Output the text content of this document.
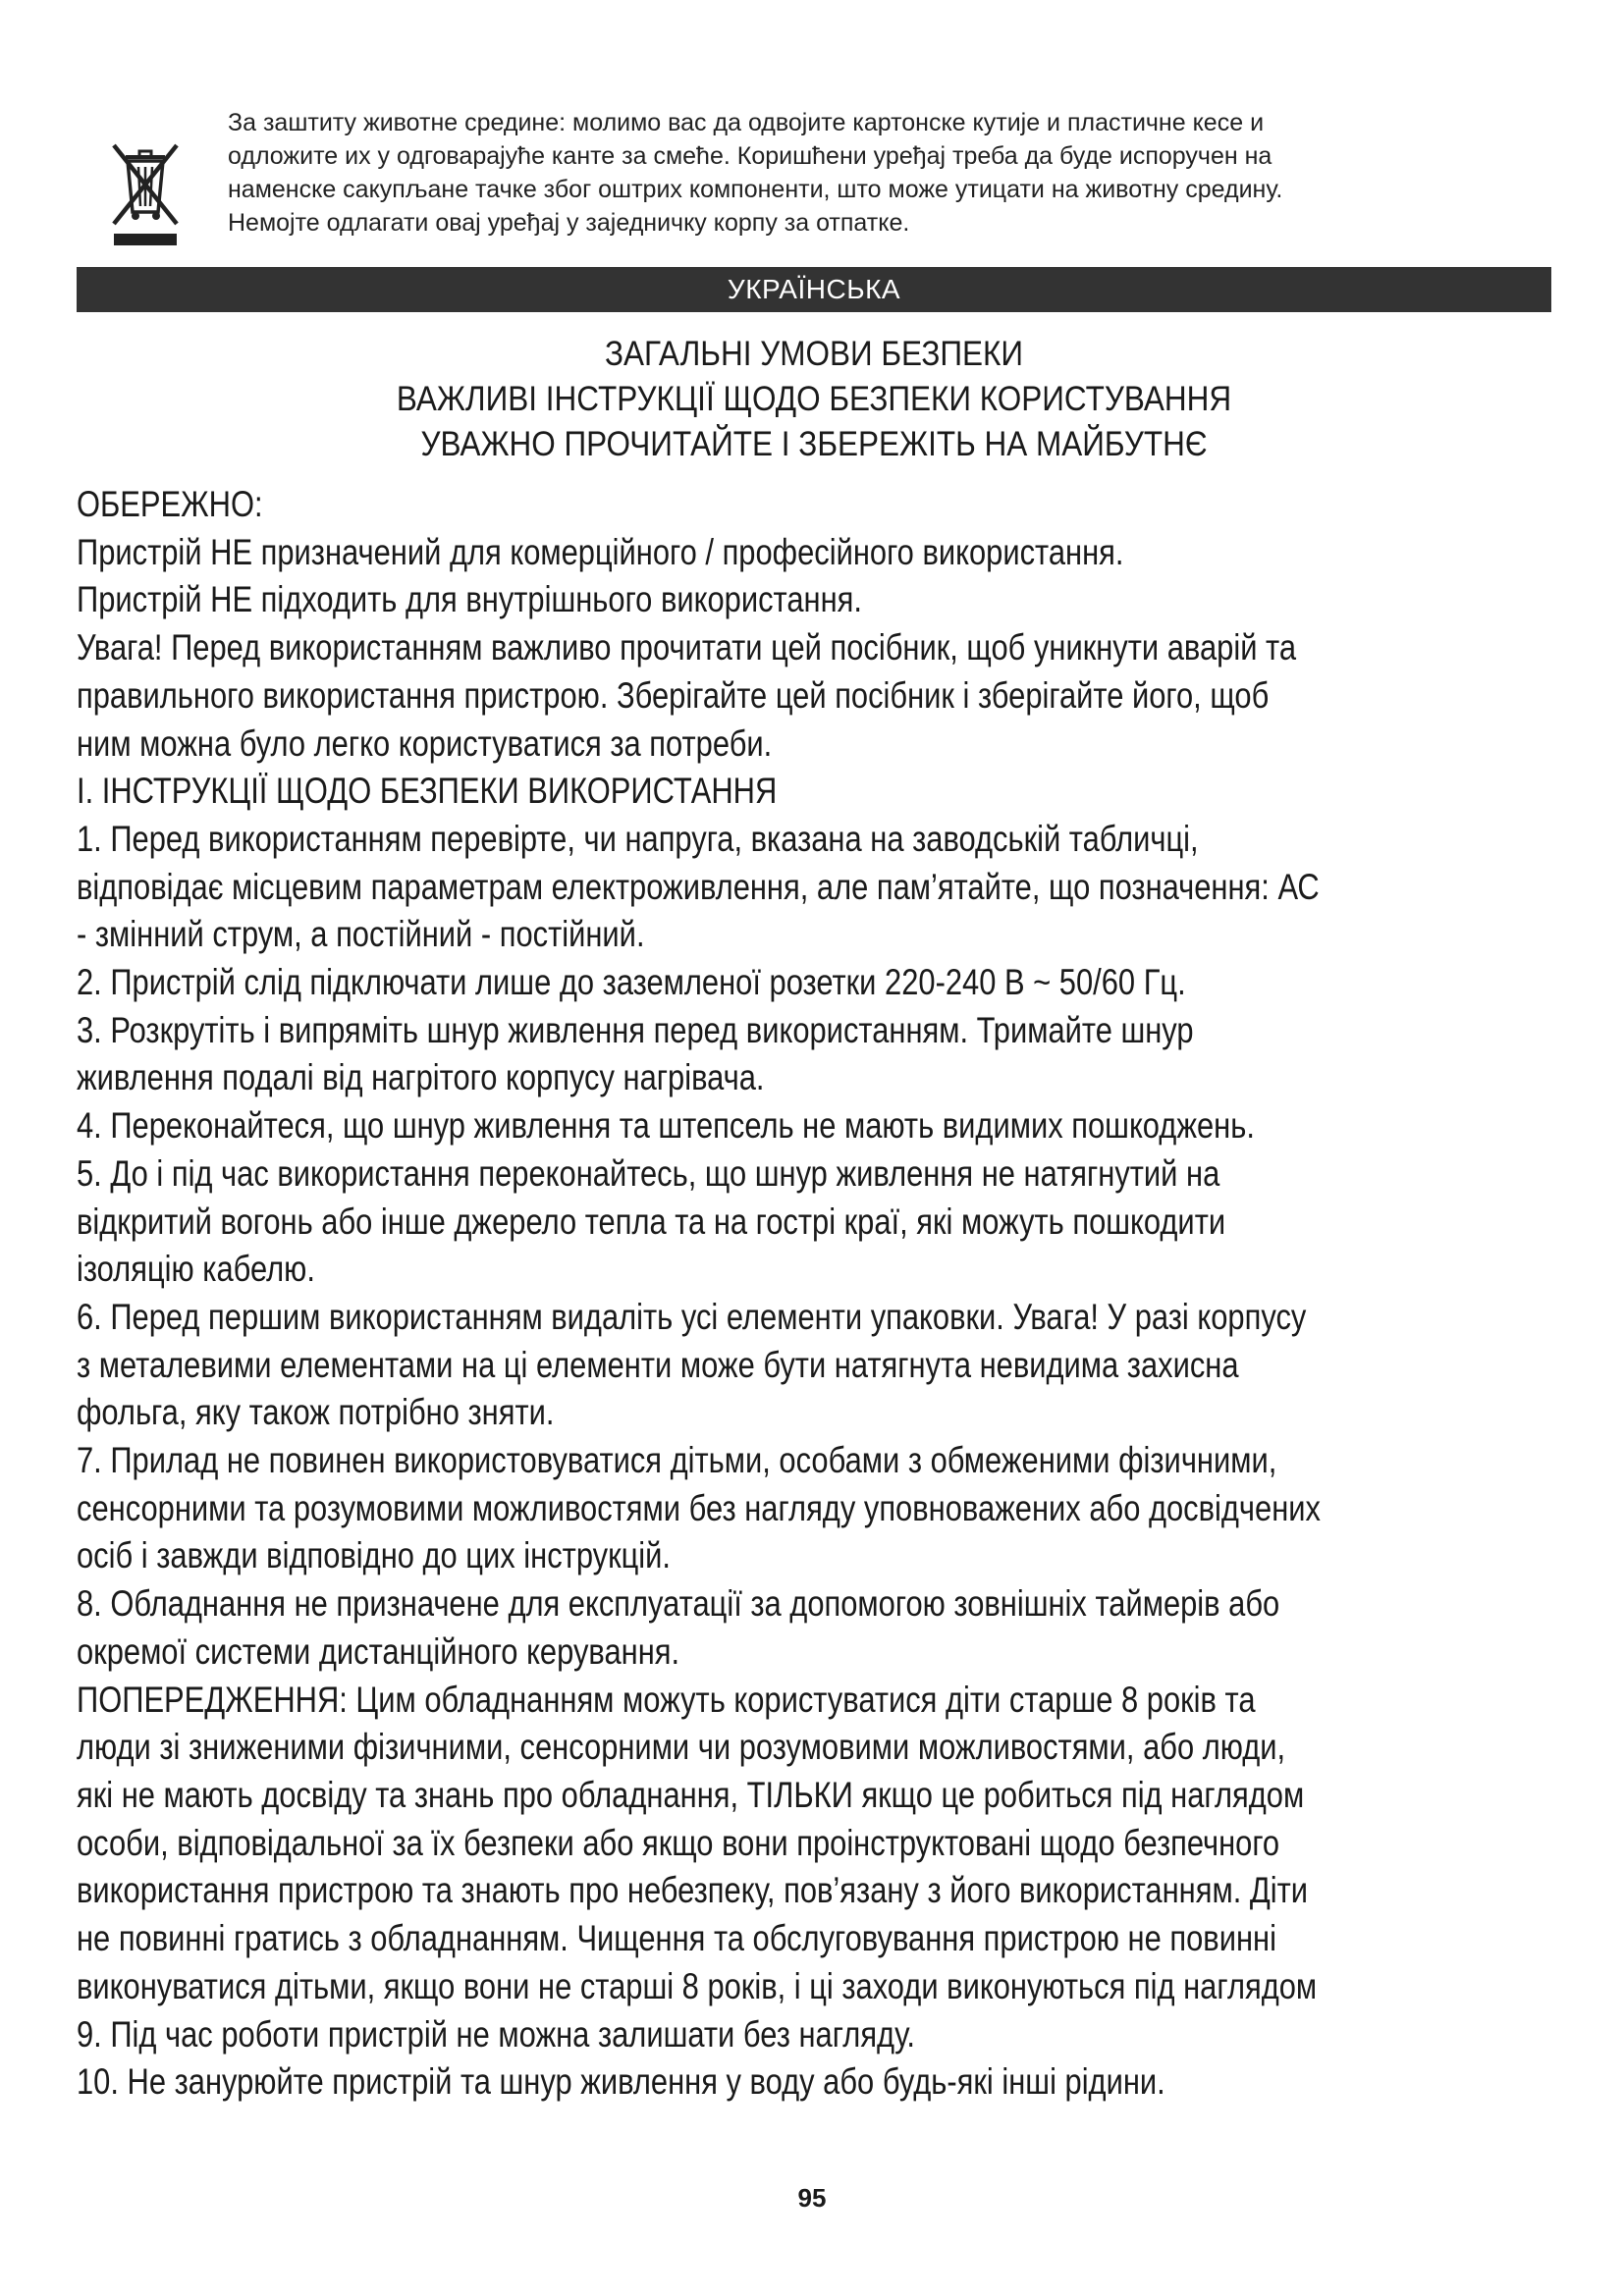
За заштиту животне средине: молимо вас да одвојите картонске кутије и пластичне кесе и
одложите их у одговарајуће канте за смеће. Коришћени уређај треба да буде испоручен на
наменске сакупљане тачке због оштрих компоненти, што може утицати на животну средину.
Немојте одлагати овај уређај у заједничку корпу за отпатке.
УКРАЇНСЬКА
ЗАГАЛЬНІ УМОВИ БЕЗПЕКИ
ВАЖЛИВІ ІНСТРУКЦІЇ ЩОДО БЕЗПЕКИ КОРИСТУВАННЯ
УВАЖНО ПРОЧИТАЙТЕ І ЗБЕРЕЖІТЬ НА МАЙБУТНЄ
ОБЕРЕЖНО:
Пристрій НЕ призначений для комерційного / професійного використання.
Пристрій НЕ підходить для внутрішнього використання.
Увага! Перед використанням важливо прочитати цей посібник, щоб уникнути аварій та
правильного використання пристрою. Зберігайте цей посібник і зберігайте його, щоб
ним можна було легко користуватися за потреби.
I. ІНСТРУКЦІЇ ЩОДО БЕЗПЕКИ ВИКОРИСТАННЯ
1. Перед використанням перевірте, чи напруга, вказана на заводській табличці,
відповідає місцевим параметрам електроживлення, але пам’ятайте, що позначення: АС
- змінний струм, а постійний - постійний.
2. Пристрій слід підключати лише до заземленої розетки 220-240 В ~ 50/60 Гц.
3. Розкрутіть і випряміть шнур живлення перед використанням. Тримайте шнур
живлення подалі від нагрітого корпусу нагрівача.
4. Переконайтеся, що шнур живлення та штепсель не мають видимих ​​пошкоджень.
5. До і під час використання переконайтесь, що шнур живлення не натягнутий на
відкритий вогонь або інше джерело тепла та на гострі краї, які можуть пошкодити
ізоляцію кабелю.
6. Перед першим використанням видаліть усі елементи упаковки. Увага! У разі корпусу
з металевими елементами на ці елементи може бути натягнута невидима захисна
фольга, яку також потрібно зняти.
7. Прилад не повинен використовуватися дітьми, особами з обмеженими фізичними,
сенсорними та розумовими можливостями без нагляду уповноважених або досвідчених
осіб і завжди відповідно до цих інструкцій.
8. Обладнання не призначене для експлуатації за допомогою зовнішніх таймерів або
окремої системи дистанційного керування.
ПОПЕРЕДЖЕННЯ: Цим обладнанням можуть користуватися діти старше 8 років та
люди зі зниженими фізичними, сенсорними чи розумовими можливостями, або люди,
які не мають досвіду та знань про обладнання, ТІЛЬКИ якщо це робиться під наглядом
особи, відповідальної за їх безпеки або якщо вони проінструктовані щодо безпечного
використання пристрою та знають про небезпеку, пов’язану з його використанням. Діти
не повинні гратись з обладнанням. Чищення та обслуговування пристрою не повинні
виконуватися дітьми, якщо вони не старші 8 років, і ці заходи виконуються під наглядом
9. Під час роботи пристрій не можна залишати без нагляду.
10. Не занурюйте пристрій та шнур живлення у воду або будь-які інші рідини.
95
